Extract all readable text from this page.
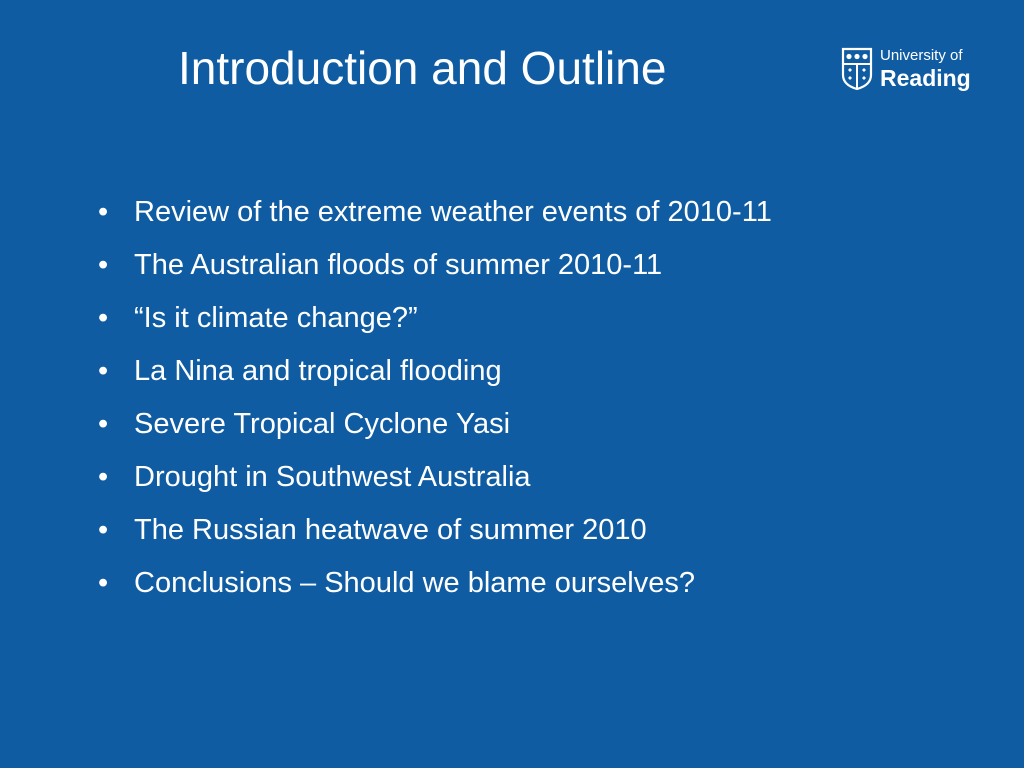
Introduction and Outline	University of
Reading
• Review of the extreme weather events of 2010-11
• The Australian floods of summer 2010-11
• “Is it climate change?”
• La Nina and tropical flooding
• Severe Tropical Cyclone Yasi
• Drought in Southwest Australia
• The Russian heatwave of summer 2010
• Conclusions – Should we blame ourselves?
